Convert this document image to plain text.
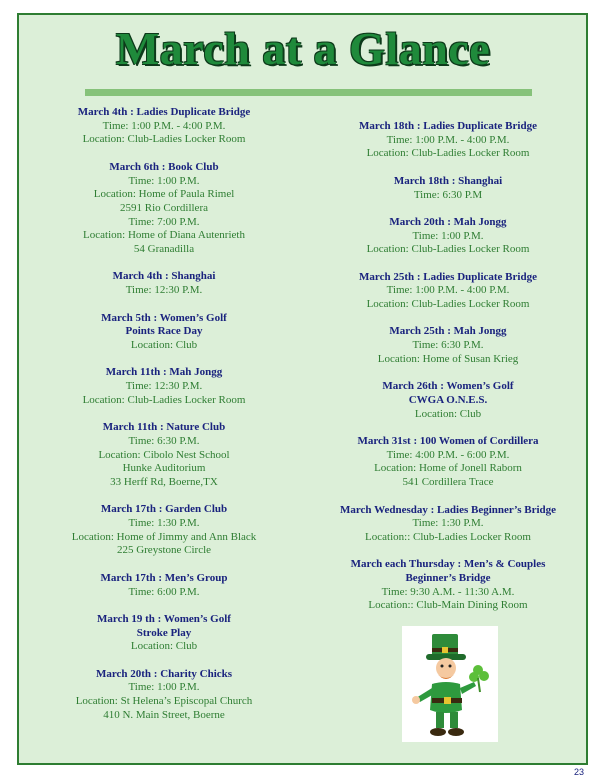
March at a Glance
March 4th : Ladies Duplicate Bridge
Time: 1:00 P.M. - 4:00 P.M.
Location: Club-Ladies Locker Room
March 6th : Book Club
Time: 1:00 P.M.
Location: Home of Paula Rimel
2591 Rio Cordillera
Time: 7:00 P.M.
Location: Home of Diana Autenrieth
54 Granadilla
March 4th : Shanghai
Time: 12:30 P.M.
March 5th : Women’s Golf
Points Race Day
Location: Club
March 11th : Mah Jongg
Time: 12:30 P.M.
Location: Club-Ladies Locker Room
March 11th : Nature Club
Time: 6:30 P.M.
Location: Cibolo Nest School
Hunke Auditorium
33 Herff Rd, Boerne,TX
March 17th : Garden Club
Time: 1:30 P.M.
Location: Home of Jimmy and Ann Black
225 Greystone Circle
March 17th : Men’s Group
Time: 6:00 P.M.
March 19 th : Women’s Golf
Stroke Play
Location: Club
March 20th : Charity Chicks
Time: 1:00 P.M.
Location: St Helena’s Episcopal Church
410 N. Main Street, Boerne
March 18th : Ladies Duplicate Bridge
Time: 1:00 P.M. - 4:00 P.M.
Location: Club-Ladies Locker Room
March 18th : Shanghai
Time: 6:30 P.M
March 20th : Mah Jongg
Time: 1:00 P.M.
Location: Club-Ladies Locker Room
March 25th : Ladies Duplicate Bridge
Time: 1:00 P.M. - 4:00 P.M.
Location: Club-Ladies Locker Room
March 25th : Mah Jongg
Time: 6:30 P.M.
Location: Home of Susan Krieg
March 26th : Women’s Golf
CWGA O.N.E.S.
Location: Club
March 31st : 100 Women of Cordillera
Time: 4:00 P.M. - 6:00 P.M.
Location: Home of Jonell Raborn
541 Cordillera Trace
March Wednesday : Ladies Beginner’s Bridge
Time: 1:30 P.M.
Location:: Club-Ladies Locker Room
March each Thursday : Men’s & Couples
Beginner’s Bridge
Time: 9:30 A.M. - 11:30 A.M.
Location:: Club-Main Dining Room
23
